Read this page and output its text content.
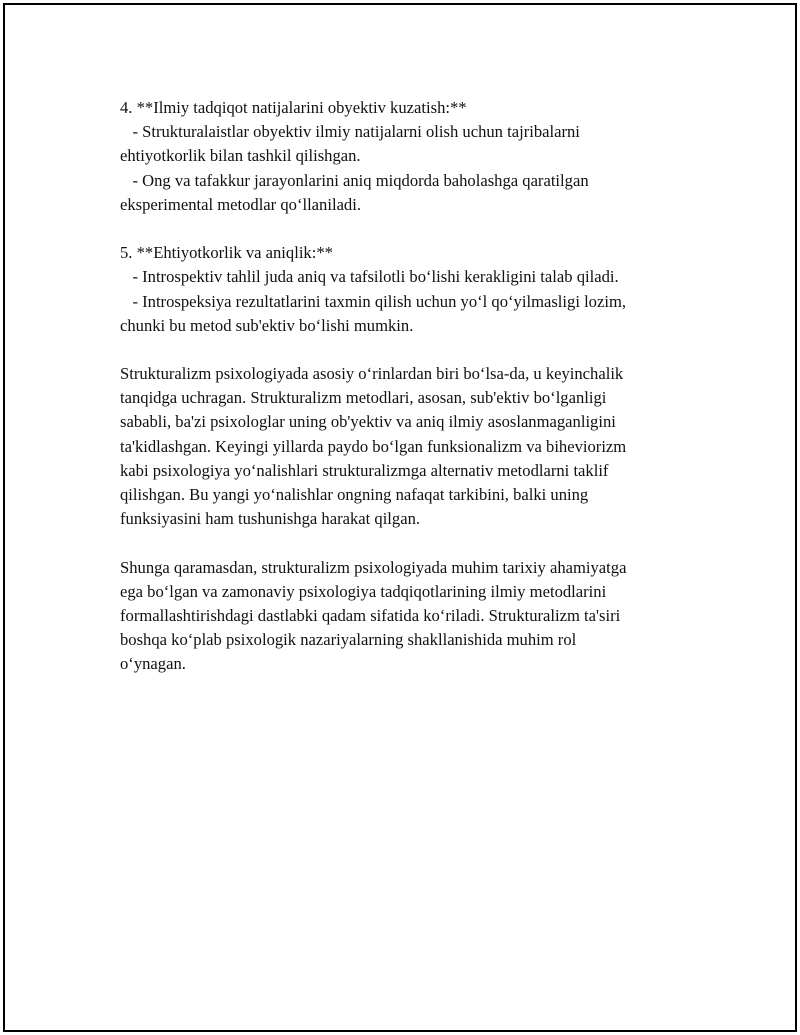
4. **Ilmiy tadqiqot natijalarini obyektiv kuzatish:**
- Strukturalaistlar obyektiv ilmiy natijalarni olish uchun tajribalarni
ehtiyotkorlik bilan tashkil qilishgan.
- Ong va tafakkur jarayonlarini aniq miqdorda baholashga qaratilgan
eksperimental metodlar qo‘llaniladi.
5. **Ehtiyotkorlik va aniqlik:**
- Introspektiv tahlil juda aniq va tafsilotli bo‘lishi kerakligini talab qiladi.
- Introspeksiya rezultatlarini taxmin qilish uchun yo‘l qo‘yilmasligi lozim,
chunki bu metod sub'ektiv bo‘lishi mumkin.
Strukturalizm psixologiyada asosiy o‘rinlardan biri bo‘lsa-da, u keyinchalik
tanqidga uchragan. Strukturalizm metodlari, asosan, sub'ektiv bo‘lganligi
sababli, ba'zi psixologlar uning ob'yektiv va aniq ilmiy asoslanmaganligini
ta'kidlashgan. Keyingi yillarda paydo bo‘lgan funksionalizm va biheviorizm
kabi psixologiya yo‘nalishlari strukturalizmga alternativ metodlarni taklif
qilishgan. Bu yangi yo‘nalishlar ongning nafaqat tarkibini, balki uning
funksiyasini ham tushunishga harakat qilgan.
Shunga qaramasdan, strukturalizm psixologiyada muhim tarixiy ahamiyatga
ega bo‘lgan va zamonaviy psixologiya tadqiqotlarining ilmiy metodlarini
formallashtirishdagi dastlabki qadam sifatida ko‘riladi. Strukturalizm ta'siri
boshqa ko‘plab psixologik nazariyalarning shakllanishida muhim rol
o‘ynagan.
